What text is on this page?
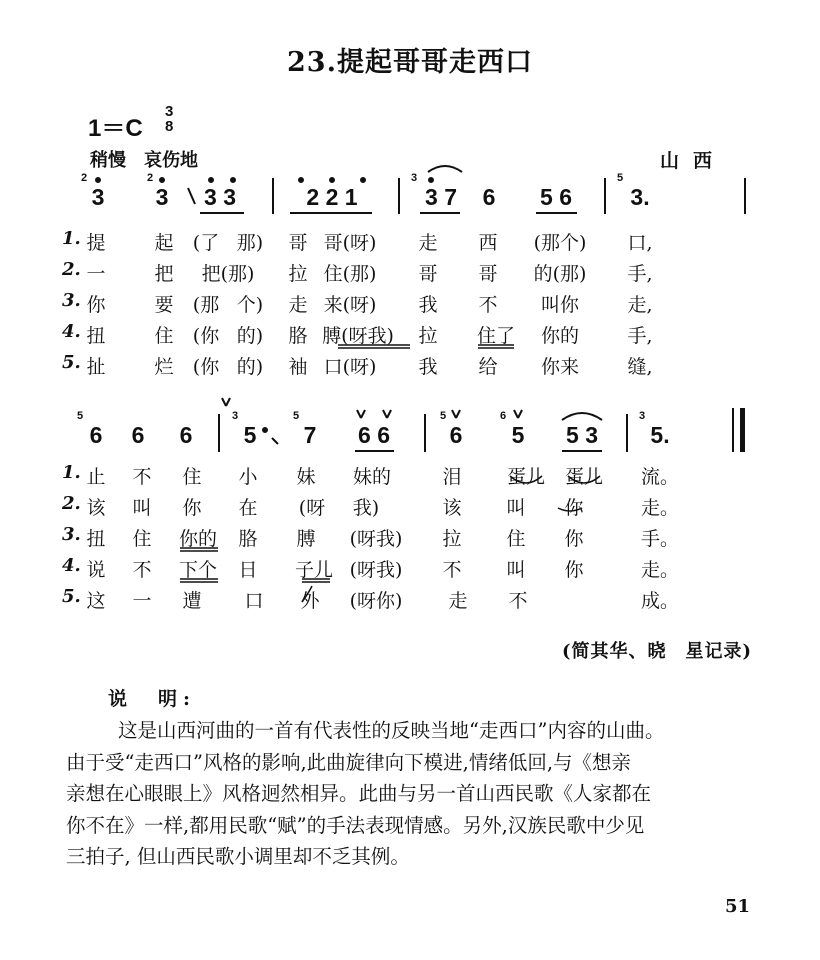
23.提起哥哥走西口
1＝C
3
8
稍慢　哀伤地	山西
2
3
2
3 3 3	2 2 1
3
3 7 6 5 6
5
3.
1. 提	起 (了 那) 哥 哥(呀) 走 西 (那个) 口,
2. 一	把 把(那) 拉 住(那) 哥 哥 的(那) 手,
3. 你	要 (那 个) 走 来(呀) 我 不 叫你	走,
4. 扭	住 (你 的) 胳 膊(呀我) 拉 住了 你的	手,
5. 扯	烂 (你 的) 袖 口(呀) 我 给 你来	缝,
5
6 6 6
3
5
5
7 6 6
5
6
6
5 5 3
3
5.
1. 止 不 住 小 妹 妹的	泪 蛋儿 蛋儿 流。
2. 该 叫 你 在 (呀 我)	该 叫 你	走。
3. 扭 住 你的 胳 膊 (呀我) 拉 住 你	手。
4. 说 不 下个 日 子儿 (呀我) 不 叫 你	走。
5. 这 一 遭 口 外 (呀你) 走 不	成。
(简其华、晓　星记录)
说　明:
这是山西河曲的一首有代表性的反映当地“走西口”内容的山曲。
由于受“走西口”风格的影响,此曲旋律向下模进,情绪低回,与《想亲
亲想在心眼眼上》风格迥然相异。此曲与另一首山西民歌《人家都在
你不在》一样,都用民歌“赋”的手法表现情感。另外,汉族民歌中少见
三拍子, 但山西民歌小调里却不乏其例。
51
